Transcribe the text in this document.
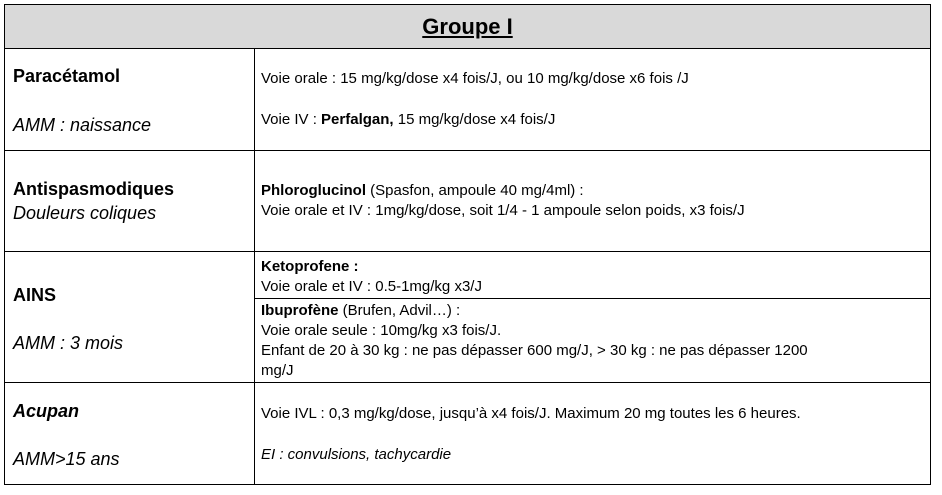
Groupe I
Paracétamol
AMM : naissance
Voie orale : 15 mg/kg/dose x4 fois/J, ou 10 mg/kg/dose x6 fois /J
Voie IV : Perfalgan, 15 mg/kg/dose x4 fois/J
Antispasmodiques
Douleurs coliques
Phloroglucinol (Spasfon, ampoule 40 mg/4ml) :
Voie orale et IV : 1mg/kg/dose, soit 1/4 - 1 ampoule selon poids, x3 fois/J
AINS
AMM : 3 mois
Ketoprofene :
Voie orale et IV : 0.5-1mg/kg x3/J
Ibuprofène (Brufen, Advil…) :
Voie orale seule : 10mg/kg x3 fois/J.
Enfant de 20 à 30 kg : ne pas dépasser 600 mg/J, > 30 kg : ne pas dépasser 1200
mg/J
Acupan
AMM>15 ans
Voie IVL : 0,3 mg/kg/dose, jusqu’à x4 fois/J. Maximum 20 mg toutes les 6 heures.
EI : convulsions, tachycardie
